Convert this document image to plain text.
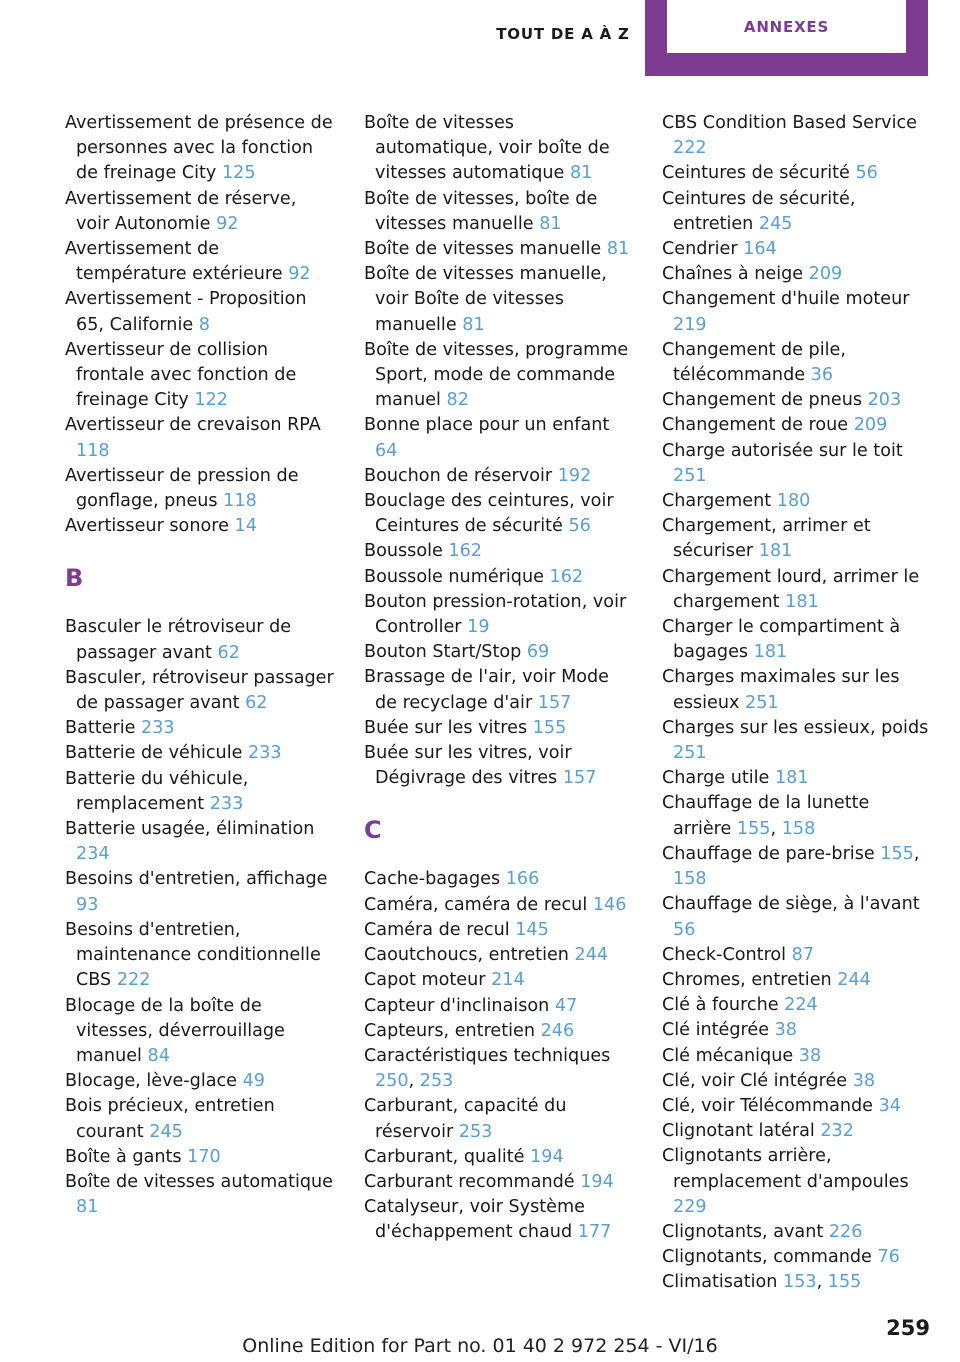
TOUT DE A À Z	ANNEXES
Avertissement de présence de personnes avec la fonction de freinage City 125
Avertissement de réserve, voir Autonomie 92
Avertissement de température extérieure 92
Avertissement - Proposition 65, Californie 8
Avertisseur de collision frontale avec fonction de freinage City 122
Avertisseur de crevaison RPA 118
Avertisseur de pression de gonflage, pneus 118
Avertisseur sonore 14
B
Basculer le rétroviseur de passager avant 62
Basculer, rétroviseur passager de passager avant 62
Batterie 233
Batterie de véhicule 233
Batterie du véhicule, remplacement 233
Batterie usagée, élimination 234
Besoins d'entretien, affichage 93
Besoins d'entretien, maintenance conditionnelle CBS 222
Blocage de la boîte de vitesses, déverrouillage manuel 84
Blocage, lève-glace 49
Bois précieux, entretien courant 245
Boîte à gants 170
Boîte de vitesses automatique 81
Boîte de vitesses automatique, voir boîte de vitesses automatique 81
Boîte de vitesses, boîte de vitesses manuelle 81
Boîte de vitesses manuelle 81
Boîte de vitesses manuelle, voir Boîte de vitesses manuelle 81
Boîte de vitesses, programme Sport, mode de commande manuel 82
Bonne place pour un enfant 64
Bouchon de réservoir 192
Bouclage des ceintures, voir Ceintures de sécurité 56
Boussole 162
Boussole numérique 162
Bouton pression-rotation, voir Controller 19
Bouton Start/Stop 69
Brassage de l'air, voir Mode de recyclage d'air 157
Buée sur les vitres 155
Buée sur les vitres, voir Dégivrage des vitres 157
C
Cache-bagages 166
Caméra, caméra de recul 146
Caméra de recul 145
Caoutchoucs, entretien 244
Capot moteur 214
Capteur d'inclinaison 47
Capteurs, entretien 246
Caractéristiques techniques 250, 253
Carburant, capacité du réservoir 253
Carburant, qualité 194
Carburant recommandé 194
Catalyseur, voir Système d'échappement chaud 177
CBS Condition Based Service 222
Ceintures de sécurité 56
Ceintures de sécurité, entretien 245
Cendrier 164
Chaînes à neige 209
Changement d'huile moteur 219
Changement de pile, télécommande 36
Changement de pneus 203
Changement de roue 209
Charge autorisée sur le toit 251
Chargement 180
Chargement, arrimer et sécuriser 181
Chargement lourd, arrimer le chargement 181
Charger le compartiment à bagages 181
Charges maximales sur les essieux 251
Charges sur les essieux, poids 251
Charge utile 181
Chauffage de la lunette arrière 155, 158
Chauffage de pare-brise 155, 158
Chauffage de siège, à l'avant 56
Check-Control 87
Chromes, entretien 244
Clé à fourche 224
Clé intégrée 38
Clé mécanique 38
Clé, voir Clé intégrée 38
Clé, voir Télécommande 34
Clignotant latéral 232
Clignotants arrière, remplacement d'ampoules 229
Clignotants, avant 226
Clignotants, commande 76
Climatisation 153, 155
259
Online Edition for Part no. 01 40 2 972 254 - VI/16
